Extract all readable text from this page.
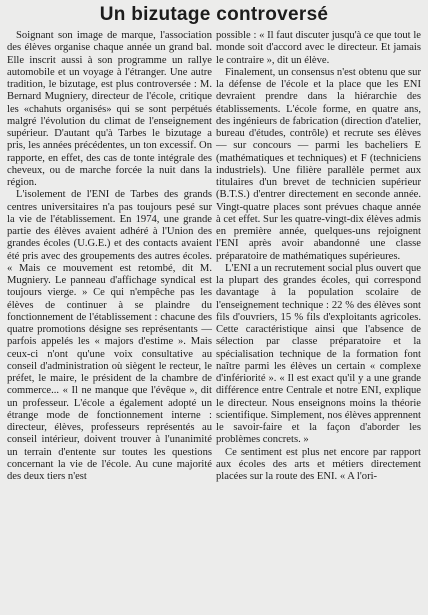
Un bizutage controversé

Soignant son image de marque, l'association des élèves organise chaque année un grand bal. Elle inscrit aussi à son programme un rallye automobile et un voyage à l'étranger. Une autre tradition, le bizutage, est plus controversée : M. Bernard Mugniery, directeur de l'école, critique les «chahuts organisés» qui se sont perpétués malgré l'évolution du climat de l'enseignement supérieur. D'autant qu'à Tarbes le bizutage a pris, les années précédentes, un ton excessif. On rapporte, en effet, des cas de tonte intégrale des cheveux, ou de marche forcée la nuit dans la région.

L'isolement de l'ENI de Tarbes des grands centres universitaires n'a pas toujours pesé sur la vie de l'établissement. En 1974, une grande partie des élèves avaient adhéré à l'Union des grandes écoles (U.G.E.) et des contacts avaient été pris avec des groupements des autres écoles. « Mais ce mouvement est retombé, dit M. Mugniery. Le panneau d'affichage syndical est toujours vierge. » Ce qui n'empêche pas les élèves de continuer à se plaindre du fonctionnement de l'établissement : chacune des quatre promotions désigne ses représentants — parfois appelés les « majors d'estime ». Mais ceux-ci n'ont qu'une voix consultative au conseil d'administration où siègent le recteur, le préfet, le maire, le président de la chambre de commerce... « Il ne manque que l'évêque », dit un professeur. L'école a également adopté un étrange mode de fonctionnement interne : directeur, élèves, professeurs représentés au conseil intérieur, doivent trouver à l'unanimité un terrain d'entente sur toutes les questions concernant la vie de l'école. Au cune majorité des deux tiers n'est

possible : « Il faut discuter jusqu'à ce que tout le monde soit d'accord avec le directeur. Et jamais le contraire », dit un élève.

Finalement, un consensus n'est obtenu que sur la défense de l'école et la place que les ENI devraient prendre dans la hiérarchie des établissements. L'école forme, en quatre ans, des ingénieurs de fabrication (direction d'atelier, bureau d'études, contrôle) et recrute ses élèves — sur concours — parmi les bacheliers E (mathématiques et techniques) et F (techniciens industriels). Une filière parallèle permet aux titulaires d'un brevet de technicien supérieur (B.T.S.) d'entrer directement en seconde année. Vingt-quatre places sont prévues chaque année à cet effet. Sur les quatre-vingt-dix élèves admis en première année, quelques-uns rejoignent l'ENI après avoir abandonné une classe préparatoire de mathématiques supérieures.

L'ENI a un recrutement social plus ouvert que la plupart des grandes écoles, qui correspond davantage à la population scolaire de l'enseignement technique : 22 % des élèves sont fils d'ouvriers, 15 % fils d'exploitants agricoles. Cette caractéristique ainsi que l'absence de sélection par classe préparatoire et la spécialisation technique de la formation font naître parmi les élèves un certain « complexe d'infériorité ». « Il est exact qu'il y a une grande différence entre Centrale et notre ENI, explique le directeur. Nous enseignons moins la théorie scientifique. Simplement, nos élèves apprennent le savoir-faire et la façon d'aborder les problèmes concrets. »

Ce sentiment est plus net encore par rapport aux écoles des arts et métiers directement placées sur la route des ENI. « A l'ori-
